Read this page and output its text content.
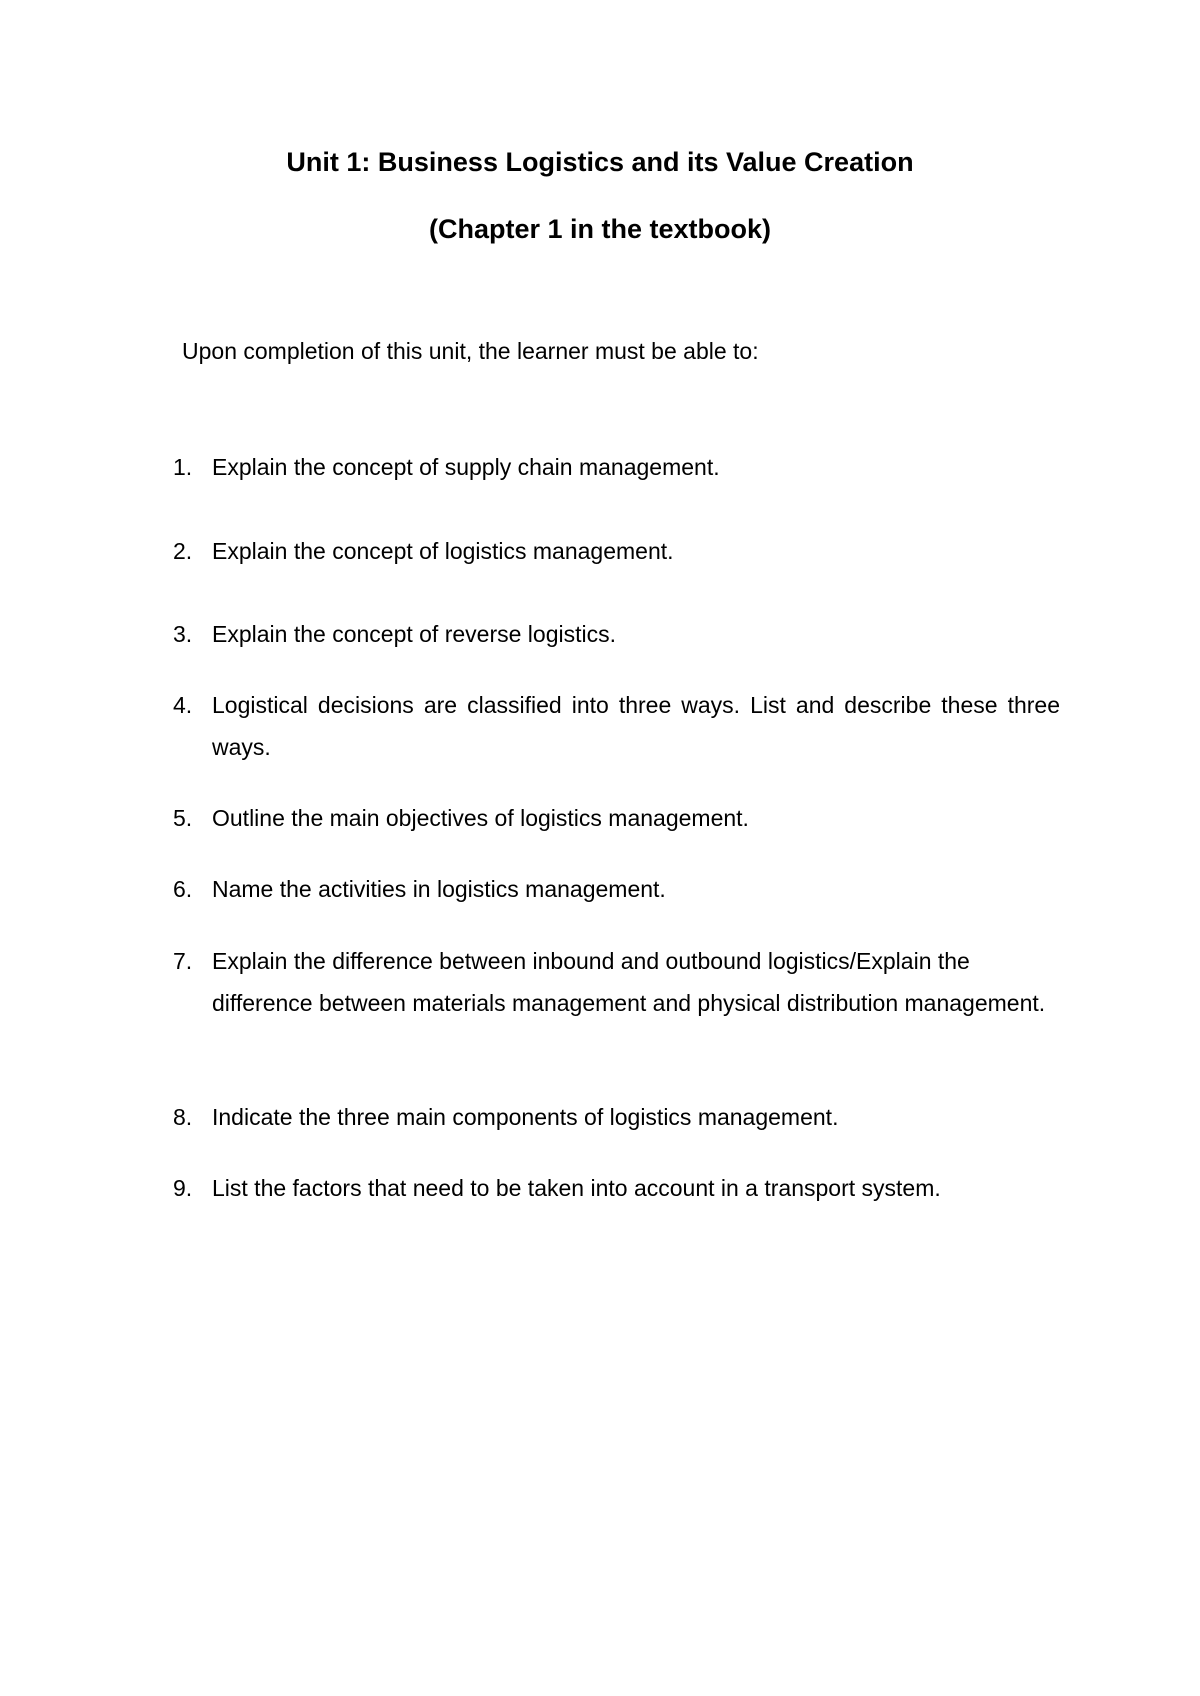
Unit 1: Business Logistics and its Value Creation
(Chapter 1 in the textbook)

Upon completion of this unit, the learner must be able to:

1. Explain the concept of supply chain management.
2. Explain the concept of logistics management.
3. Explain the concept of reverse logistics.
4. Logistical decisions are classified into three ways. List and describe these three ways.
5. Outline the main objectives of logistics management.
6. Name the activities in logistics management.
7. Explain the difference between inbound and outbound logistics/Explain the difference between materials management and physical distribution management.
8. Indicate the three main components of logistics management.
9. List the factors that need to be taken into account in a transport system.
